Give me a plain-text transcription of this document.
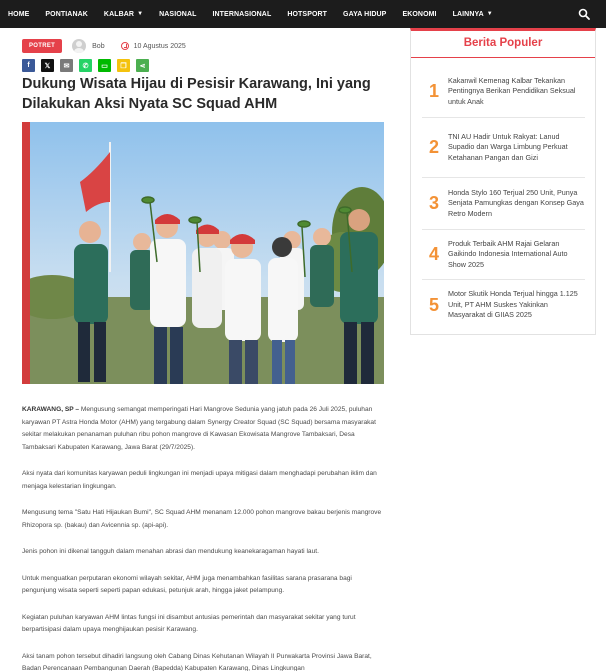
HOME PONTIANAK KALBAR ▼ NASIONAL INTERNASIONAL HOTSPORT GAYA HIDUP EKONOMI LAINNYA ▼
POTRET	Bob	10 Agustus 2025
f	𝕏	✉	✆	▭	❐	⋖
Dukung Wisata Hijau di Pesisir Karawang, Ini yang Dilakukan Aksi Nyata SC Squad AHM

KARAWANG, SP – Mengusung semangat memperingati Hari Mangrove Sedunia yang jatuh pada 26 Juli 2025, puluhan karyawan PT Astra Honda Motor (AHM) yang tergabung dalam Synergy Creator Squad (SC Squad) bersama masyarakat sekitar melakukan penanaman puluhan ribu pohon mangrove di Kawasan Ekowisata Mangrove Tambaksari, Desa Tambaksari Kabupaten Karawang, Jawa Barat (29/7/2025).

Aksi nyata dari komunitas karyawan peduli lingkungan ini menjadi upaya mitigasi dalam menghadapi perubahan iklim dan menjaga kelestarian lingkungan.

Mengusung tema "Satu Hati Hijaukan Bumi", SC Squad AHM menanam 12.000 pohon mangrove bakau berjenis mangrove Rhizopora sp. (bakau) dan Avicennia sp. (api-api).

Jenis pohon ini dikenal tangguh dalam menahan abrasi dan mendukung keanekaragaman hayati laut.

Untuk menguatkan perputaran ekonomi wilayah sekitar, AHM juga menambahkan fasilitas sarana prasarana bagi pengunjung wisata seperti seperti papan edukasi, petunjuk arah, hingga jaket pelampung.

Kegiatan puluhan karyawan AHM lintas fungsi ini disambut antusias pemerintah dan masyarakat sekitar yang turut berpartisipasi dalam upaya menghijaukan pesisir Karawang.

Aksi tanam pohon tersebut dihadiri langsung oleh Cabang Dinas Kehutanan Wilayah II Purwakarta Provinsi Jawa Barat, Badan Perencanaan Pembangunan Daerah (Bapedda) Kabupaten Karawang, Dinas Lingkungan

Berita Populer
1
Kakanwil Kemenag Kalbar Tekankan Pentingnya Berikan Pendidikan Seksual untuk Anak
2
TNI AU Hadir Untuk Rakyat: Lanud Supadio dan Warga Limbung Perkuat Ketahanan Pangan dan Gizi
3
Honda Stylo 160 Terjual 250 Unit, Punya Senjata Pamungkas dengan Konsep Gaya Retro Modern
4
Produk Terbaik AHM Rajai Gelaran Gaikindo Indonesia International Auto Show 2025
5
Motor Skutik Honda Terjual hingga 1.125 Unit, PT AHM Suskes Yakinkan Masyarakat di GIIAS 2025
